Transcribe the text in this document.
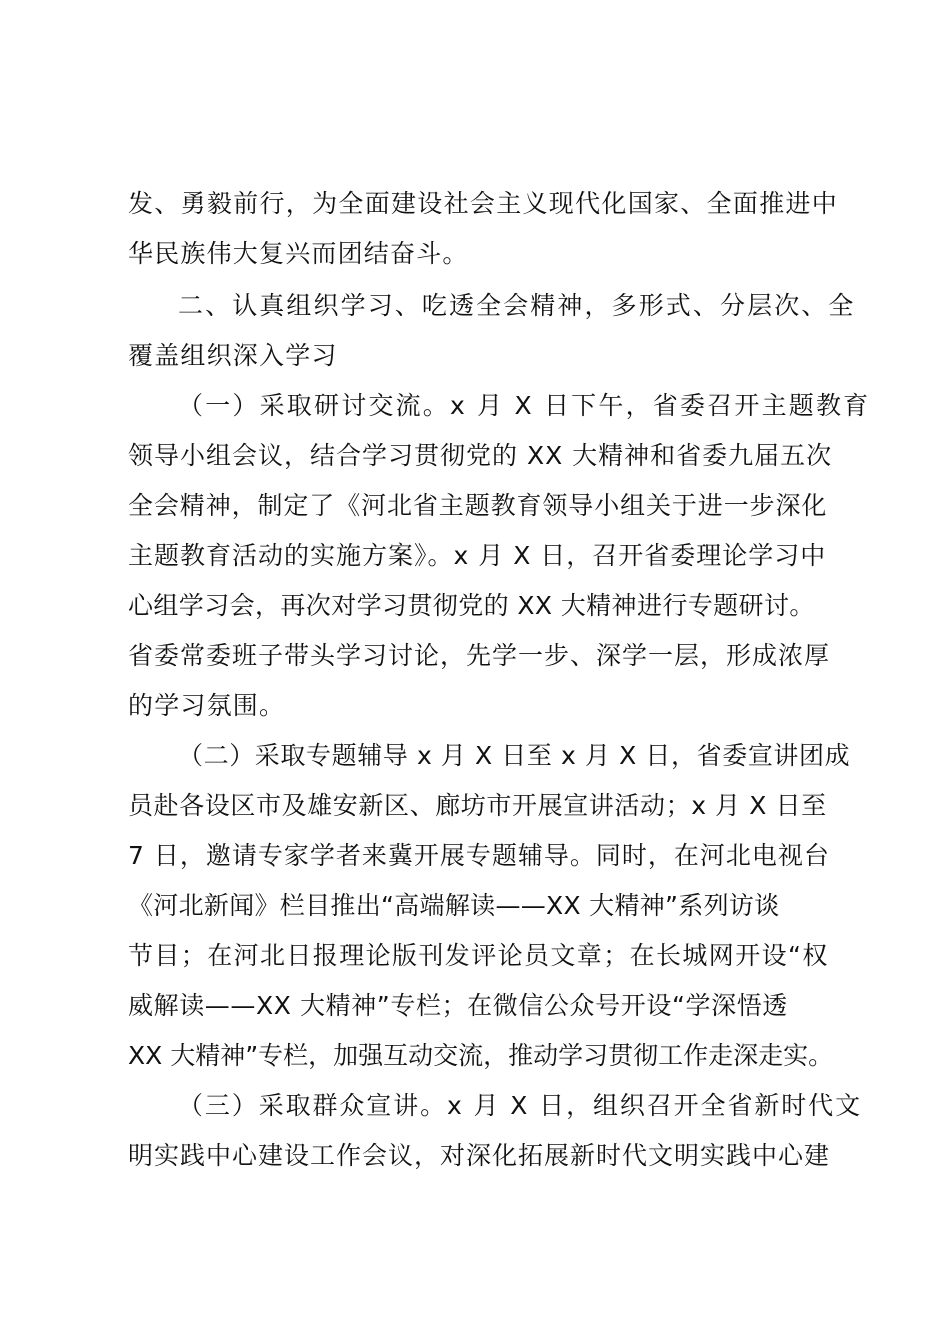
发、勇毅前行，为全面建设社会主义现代化国家、全面推进中

华民族伟大复兴而团结奋斗。

二、认真组织学习、吃透全会精神，多形式、分层次、全

覆盖组织深入学习

（一）采取研讨交流。x 月 X 日下午，省委召开主题教育

领导小组会议，结合学习贯彻党的 XX 大精神和省委九届五次

全会精神，制定了《河北省主题教育领导小组关于进一步深化

主题教育活动的实施方案》。x 月 X 日，召开省委理论学习中

心组学习会，再次对学习贯彻党的 XX 大精神进行专题研讨。

省委常委班子带头学习讨论，先学一步、深学一层，形成浓厚

的学习氛围。

（二）采取专题辅导 x 月 X 日至 x 月 X 日，省委宣讲团成

员赴各设区市及雄安新区、廊坊市开展宣讲活动；x 月 X 日至

7 日，邀请专家学者来冀开展专题辅导。同时，在河北电视台

《河北新闻》栏目推出“高端解读——XX 大精神”系列访谈

节目；在河北日报理论版刊发评论员文章；在长城网开设“权

威解读——XX 大精神”专栏；在微信公众号开设“学深悟透

XX 大精神”专栏，加强互动交流，推动学习贯彻工作走深走实。

（三）采取群众宣讲。x 月 X 日，组织召开全省新时代文

明实践中心建设工作会议，对深化拓展新时代文明实践中心建
